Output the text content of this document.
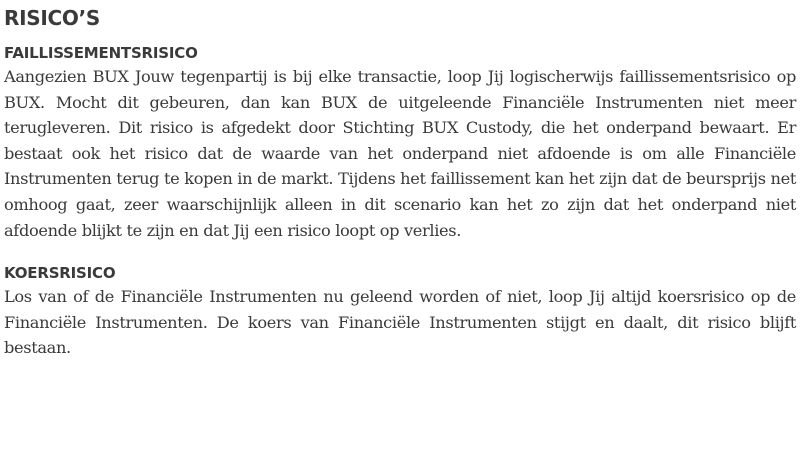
RISICO’S
FAILLISSEMENTSRISICO

Aangezien BUX Jouw tegenpartij is bij elke transactie, loop Jij logischerwijs faillissementsrisico op BUX. Mocht dit gebeuren, dan kan BUX de uitgeleende Financiële Instrumenten niet meer terugleveren. Dit risico is afgedekt door Stichting BUX Custody, die het onderpand bewaart. Er bestaat ook het risico dat de waarde van het onderpand niet afdoende is om alle Financiële Instrumenten terug te kopen in de markt. Tijdens het faillissement kan het zijn dat de beursprijs net omhoog gaat, zeer waarschijnlijk alleen in dit scenario kan het zo zijn dat het onderpand niet afdoende blijkt te zijn en dat Jij een risico loopt op verlies.

KOERSRISICO

Los van of de Financiële Instrumenten nu geleend worden of niet, loop Jij altijd koersrisico op de Financiële Instrumenten. De koers van Financiële Instrumenten stijgt en daalt, dit risico blijft bestaan.
